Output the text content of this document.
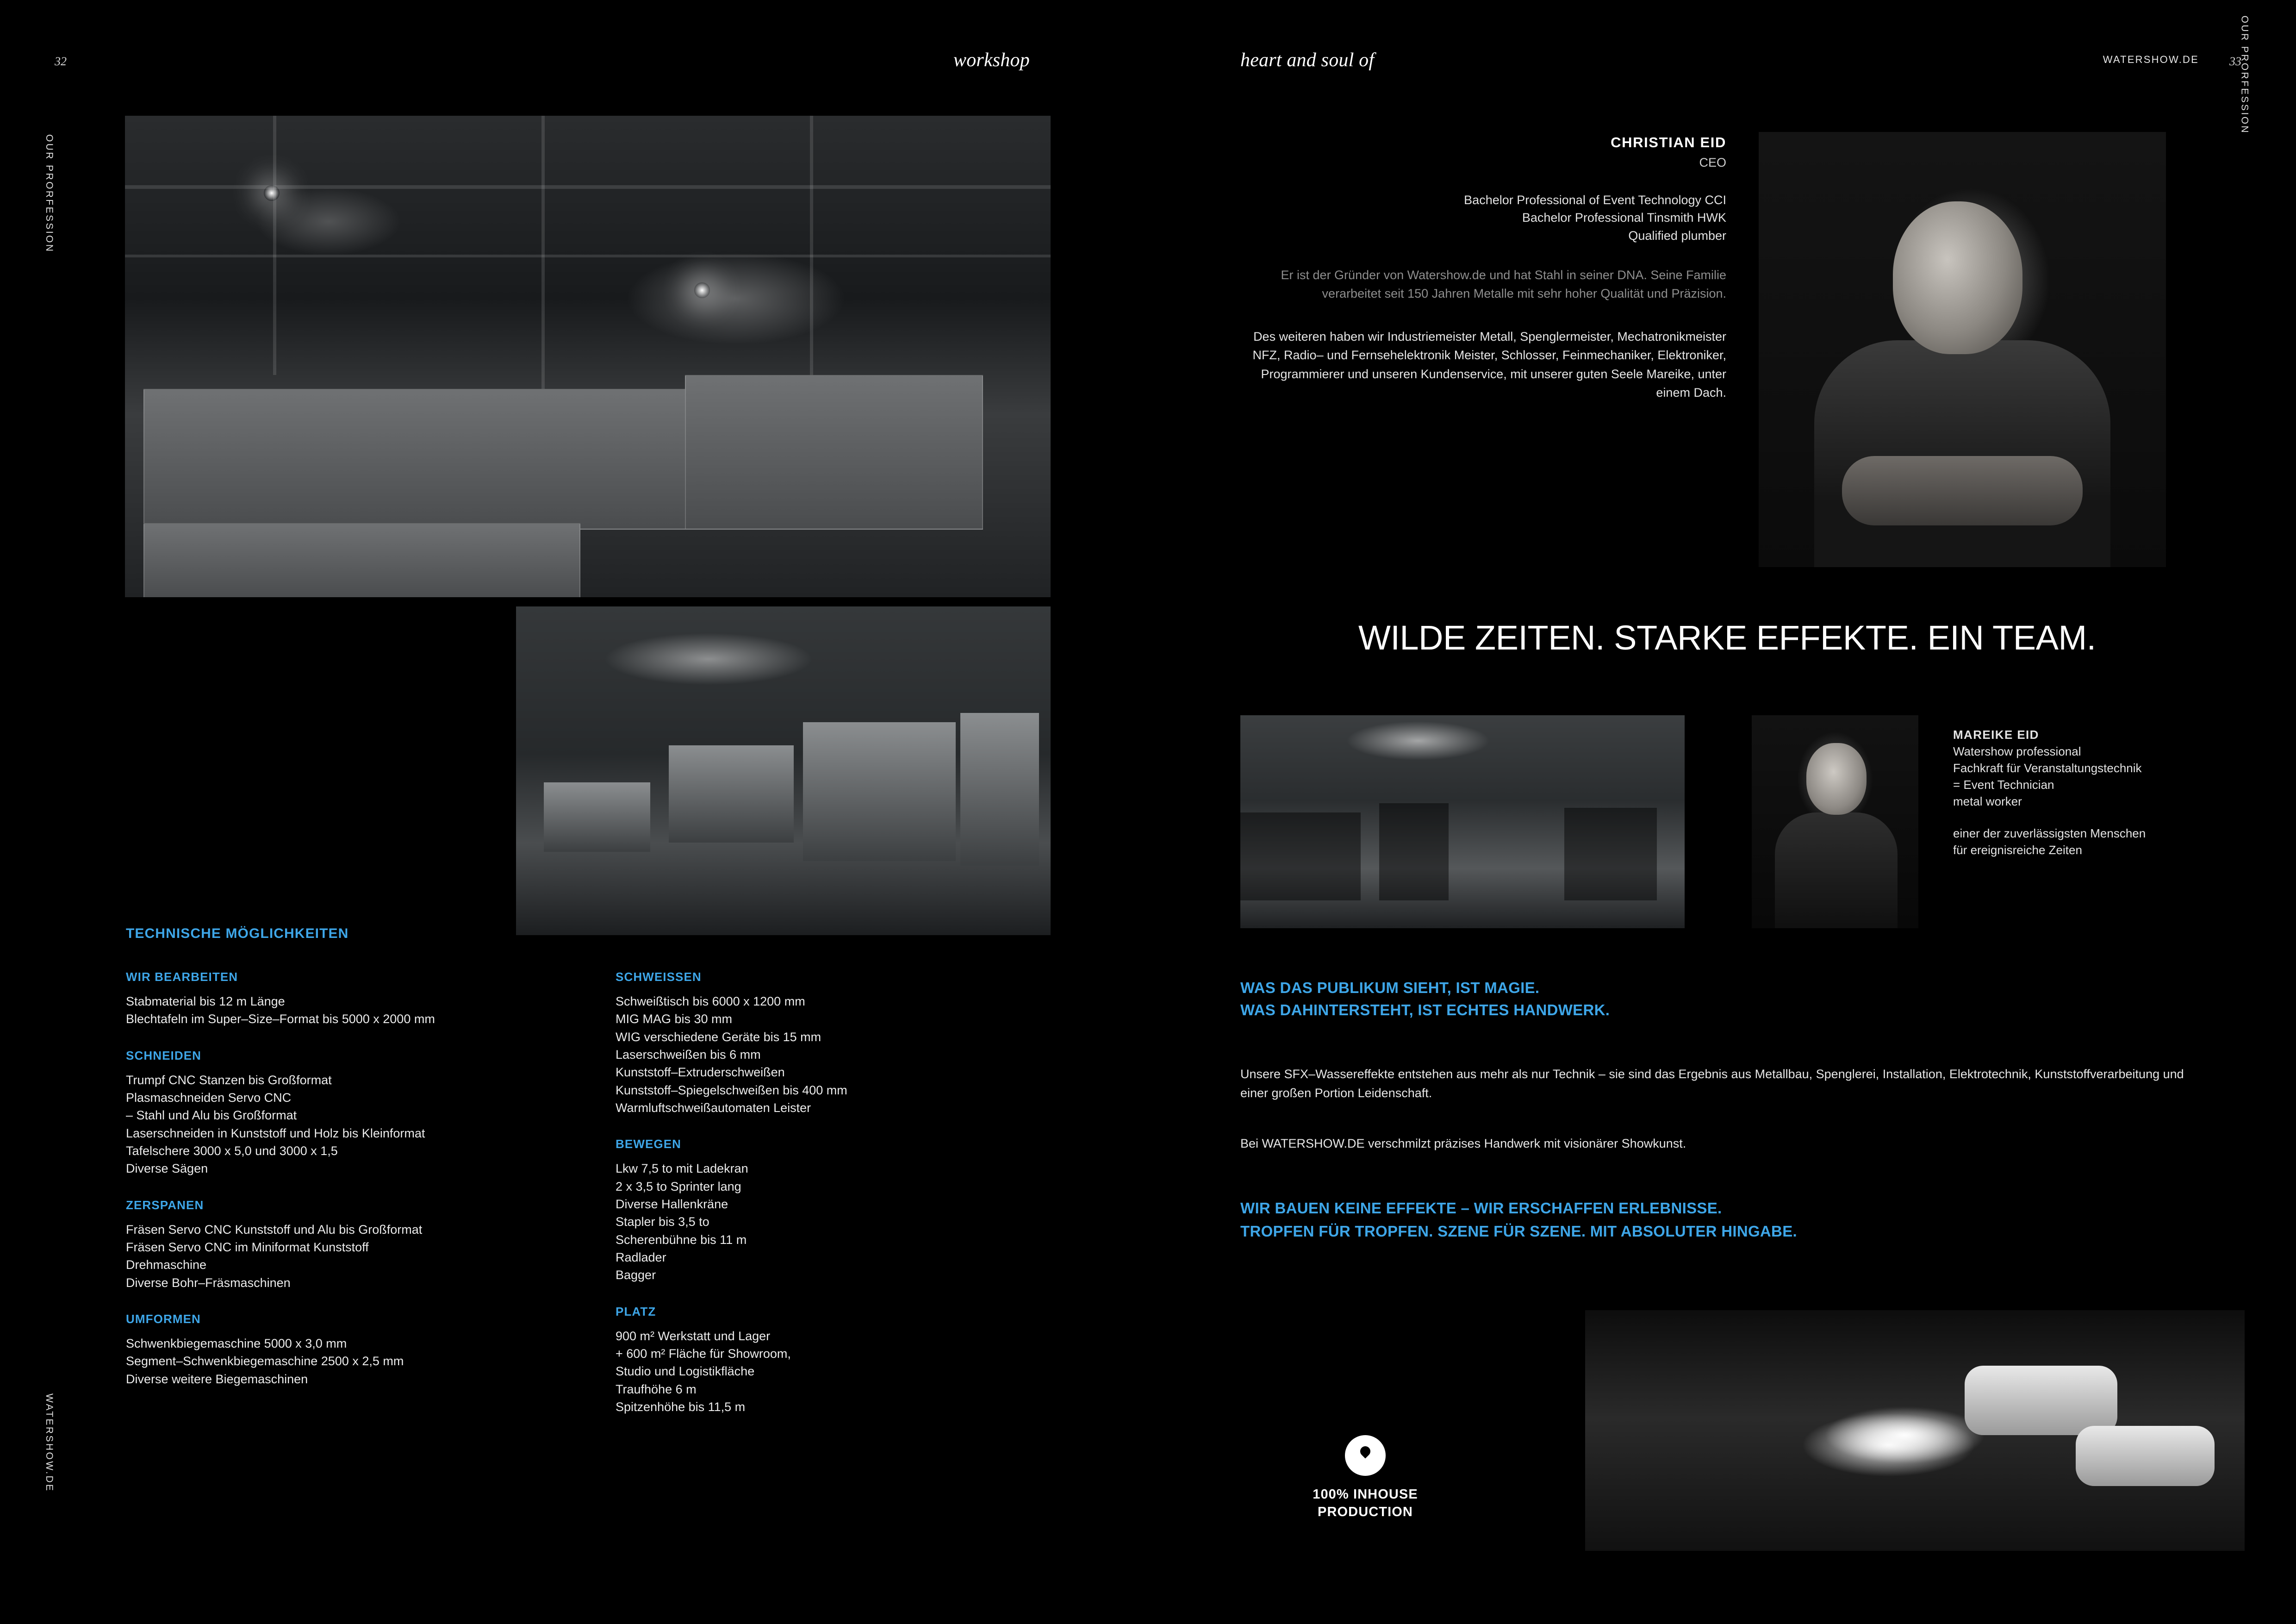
32	33
workshop	heart and soul of	WATERSHOW.DE
OUR PRORFESSION
WATERSHOW.DE
OUR PRORFESSION

CHRISTIAN EID

CEO

Bachelor Professional of Event Technology CCI

Bachelor Professional Tinsmith HWK

Qualified plumber

Er ist der Gründer von Watershow.de und hat Stahl in seiner DNA. Seine Familie verarbeitet seit 150 Jahren Metalle mit sehr hoher Qualität und Präzision.

Des weiteren haben wir Industriemeister Metall, Spenglermeister, Mechatronikmeister NFZ, Radio– und Fernsehelektronik Meister, Schlosser, Feinmechaniker, Elektroniker, Programmierer und unseren Kundenservice, mit unserer guten Seele Mareike, unter einem Dach.

WILDE ZEITEN. STARKE EFFEKTE. EIN TEAM.

MAREIKE EID

Watershow professional

Fachkraft für Veranstaltungstechnik

= Event Technician

metal worker

einer der zuverlässigsten Menschen

für ereignisreiche Zeiten

WAS DAS PUBLIKUM SIEHT, IST MAGIE.
WAS DAHINTERSTEHT, IST ECHTES HANDWERK.
Unsere SFX–Wassereffekte entstehen aus mehr als nur Technik – sie sind das Ergebnis aus Metallbau, Spenglerei, Installation, Elektrotechnik, Kunststoffverarbeitung und einer großen Portion Leidenschaft.
Bei WATERSHOW.DE verschmilzt präzises Handwerk mit visionärer Showkunst.
WIR BAUEN KEINE EFFEKTE – WIR ERSCHAFFEN ERLEBNISSE.
TROPFEN FÜR TROPFEN. SZENE FÜR SZENE. MIT ABSOLUTER HINGABE.
100% INHOUSE
PRODUCTION
TECHNISCHE MÖGLICHKEITEN
WIR BEARBEITEN
Stabmaterial bis 12 m Länge
Blechtafeln im Super–Size–Format bis 5000 x 2000 mm
SCHNEIDEN
Trumpf CNC Stanzen bis Großformat
Plasmaschneiden Servo CNC
– Stahl und Alu bis Großformat
Laserschneiden in Kunststoff und Holz bis Kleinformat
Tafelschere 3000 x 5,0 und 3000 x 1,5
Diverse Sägen
ZERSPANEN
Fräsen Servo CNC Kunststoff und Alu bis Großformat
Fräsen Servo CNC im Miniformat Kunststoff
Drehmaschine
Diverse Bohr–Fräsmaschinen
UMFORMEN
Schwenkbiegemaschine 5000 x 3,0 mm
Segment–Schwenkbiegemaschine 2500 x 2,5 mm
Diverse weitere Biegemaschinen
SCHWEISSEN
Schweißtisch bis 6000 x 1200 mm
MIG MAG bis 30 mm
WIG verschiedene Geräte bis 15 mm
Laserschweißen bis 6 mm
Kunststoff–Extruderschweißen
Kunststoff–Spiegelschweißen bis 400 mm
Warmluftschweißautomaten Leister
BEWEGEN
Lkw 7,5 to mit Ladekran
2 x 3,5 to Sprinter lang
Diverse Hallenkräne
Stapler bis 3,5 to
Scherenbühne bis 11 m
Radlader
Bagger
PLATZ
900 m² Werkstatt und Lager
+ 600 m² Fläche für Showroom,
Studio und Logistikfläche
Traufhöhe 6 m
Spitzenhöhe bis 11,5 m
